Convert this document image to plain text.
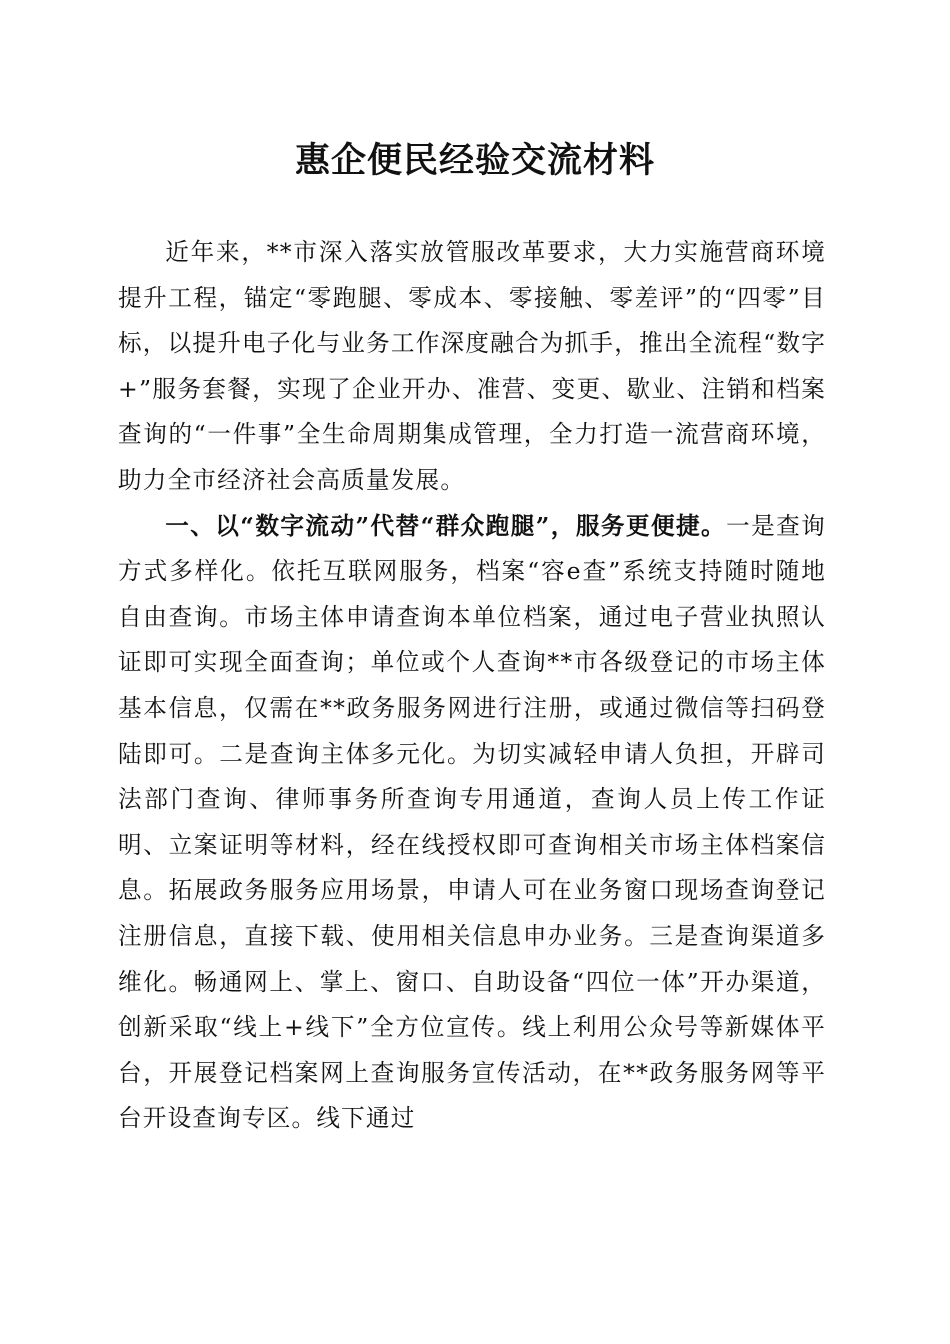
惠企便民经验交流材料

近年来，**市深入落实放管服改革要求，大力实施营商环境提升工程，锚定“零跑腿、零成本、零接触、零差评”的“四零”目标，以提升电子化与业务工作深度融合为抓手，推出全流程“数字+”服务套餐，实现了企业开办、准营、变更、歇业、注销和档案查询的“一件事”全生命周期集成管理，全力打造一流营商环境，助力全市经济社会高质量发展。

一、以“数字流动”代替“群众跑腿”，服务更便捷。一是查询方式多样化。依托互联网服务，档案“容e查”系统支持随时随地自由查询。市场主体申请查询本单位档案，通过电子营业执照认证即可实现全面查询；单位或个人查询**市各级登记的市场主体基本信息，仅需在**政务服务网进行注册，或通过微信等扫码登陆即可。二是查询主体多元化。为切实减轻申请人负担，开辟司法部门查询、律师事务所查询专用通道，查询人员上传工作证明、立案证明等材料，经在线授权即可查询相关市场主体档案信息。拓展政务服务应用场景，申请人可在业务窗口现场查询登记注册信息，直接下载、使用相关信息申办业务。三是查询渠道多维化。畅通网上、掌上、窗口、自助设备“四位一体”开办渠道，创新采取“线上+线下”全方位宣传。线上利用公众号等新媒体平台，开展登记档案网上查询服务宣传活动，在**政务服务网等平台开设查询专区。线下通过
